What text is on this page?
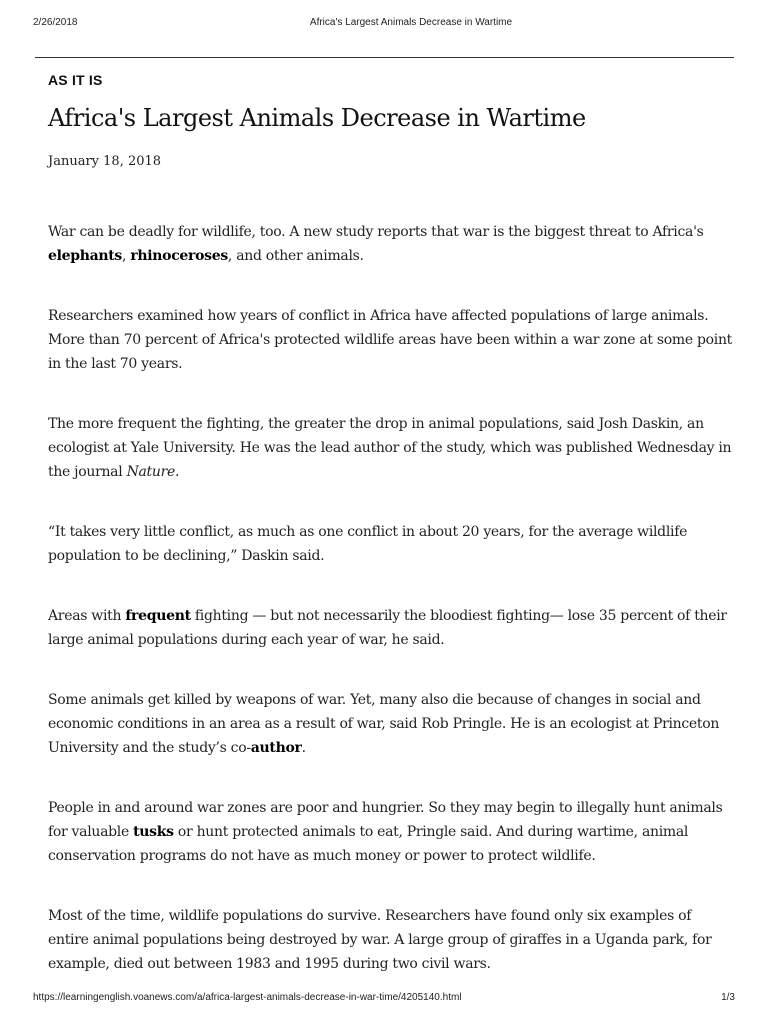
2/26/2018	Africa's Largest Animals Decrease in Wartime
AS IT IS
Africa's Largest Animals Decrease in Wartime
January 18, 2018

War can be deadly for wildlife, too. A new study reports that war is the biggest threat to Africa's elephants, rhinoceroses, and other animals.

Researchers examined how years of conflict in Africa have affected populations of large animals. More than 70 percent of Africa's protected wildlife areas have been within a war zone at some point in the last 70 years.

The more frequent the fighting, the greater the drop in animal populations, said Josh Daskin, an ecologist at Yale University. He was the lead author of the study, which was published Wednesday in the journal Nature.

“It takes very little conflict, as much as one conflict in about 20 years, for the average wildlife population to be declining,” Daskin said.

Areas with frequent fighting — but not necessarily the bloodiest fighting— lose 35 percent of their large animal populations during each year of war, he said.

Some animals get killed by weapons of war. Yet, many also die because of changes in social and economic conditions in an area as a result of war, said Rob Pringle. He is an ecologist at Princeton University and the study’s co-author.

People in and around war zones are poor and hungrier. So they may begin to illegally hunt animals for valuable tusks or hunt protected animals to eat, Pringle said. And during wartime, animal conservation programs do not have as much money or power to protect wildlife.

Most of the time, wildlife populations do survive. Researchers have found only six examples of entire animal populations being destroyed by war. A large group of giraffes in a Uganda park, for example, died out between 1983 and 1995 during two civil wars.

https://learningenglish.voanews.com/a/africa-largest-animals-decrease-in-war-time/4205140.html	1/3
